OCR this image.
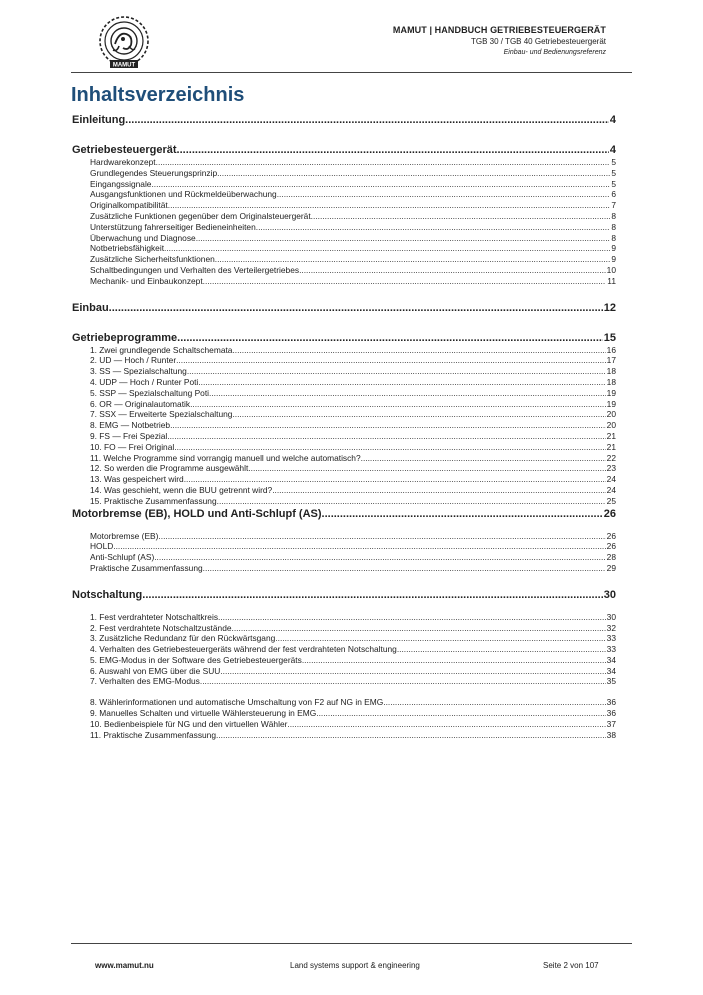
MAMUT
MAMUT | HANDBUCH GETRIEBESTEUERGERÄT
TGB 30 / TGB 40 Getriebesteuergerät
Einbau- und Bedienungsreferenz
Inhaltsverzeichnis
Einleitung .....	4
Getriebesteuergerät .....	4
Hardwarekonzept .....	5
Grundlegendes Steuerungsprinzip .....	5
Eingangssignale .....	5
Ausgangsfunktionen und Rückmeldeüberwachung .....	6
Originalkompatibilität .....	7
Zusätzliche Funktionen gegenüber dem Originalsteuergerät .....	8
Unterstützung fahrerseitiger Bedieneinheiten .....	8
Überwachung und Diagnose .....	8
Notbetriebsfähigkeit .....	9
Zusätzliche Sicherheitsfunktionen .....	9
Schaltbedingungen und Verhalten des Verteilergetriebes .....	10
Mechanik- und Einbaukonzept .....	11
Einbau .....	12
Getriebeprogramme .....	15
1. Zwei grundlegende Schaltschemata .....	16
2. UD — Hoch / Runter .....	17
3. SS — Spezialschaltung .....	18
4. UDP — Hoch / Runter Poti .....	18
5. SSP — Spezialschaltung Poti .....	19
6. OR — Originalautomatik .....	19
7. SSX — Erweiterte Spezialschaltung .....	20
8. EMG — Notbetrieb .....	20
9. FS — Frei Spezial .....	21
10. FO — Frei Original .....	21
11. Welche Programme sind vorrangig manuell und welche automatisch? .....	22
12. So werden die Programme ausgewählt .....	23
13. Was gespeichert wird .....	24
14. Was geschieht, wenn die BUU getrennt wird? .....	24
15. Praktische Zusammenfassung .....	25
Motorbremse (EB), HOLD und Anti-Schlupf (AS) .....	26
Motorbremse (EB) .....	26
HOLD .....	26
Anti-Schlupf (AS) .....	28
Praktische Zusammenfassung .....	29
Notschaltung .....	30
1. Fest verdrahteter Notschaltkreis .....	30
2. Fest verdrahtete Notschaltzustände .....	32
3. Zusätzliche Redundanz für den Rückwärtsgang .....	33
4. Verhalten des Getriebesteuergeräts während der fest verdrahteten Notschaltung .....	33
5. EMG-Modus in der Software des Getriebesteuergeräts .....	34
6. Auswahl von EMG über die SUU .....	34
7. Verhalten des EMG-Modus .....	35
8. Wählerinformationen und automatische Umschaltung von F2 auf NG in EMG .....	36
9. Manuelles Schalten und virtuelle Wählersteuerung in EMG .....	36
10. Bedienbeispiele für NG und den virtuellen Wähler .....	37
11. Praktische Zusammenfassung .....	38
www.mamut.nu	Land systems support & engineering	Seite 2 von 107
